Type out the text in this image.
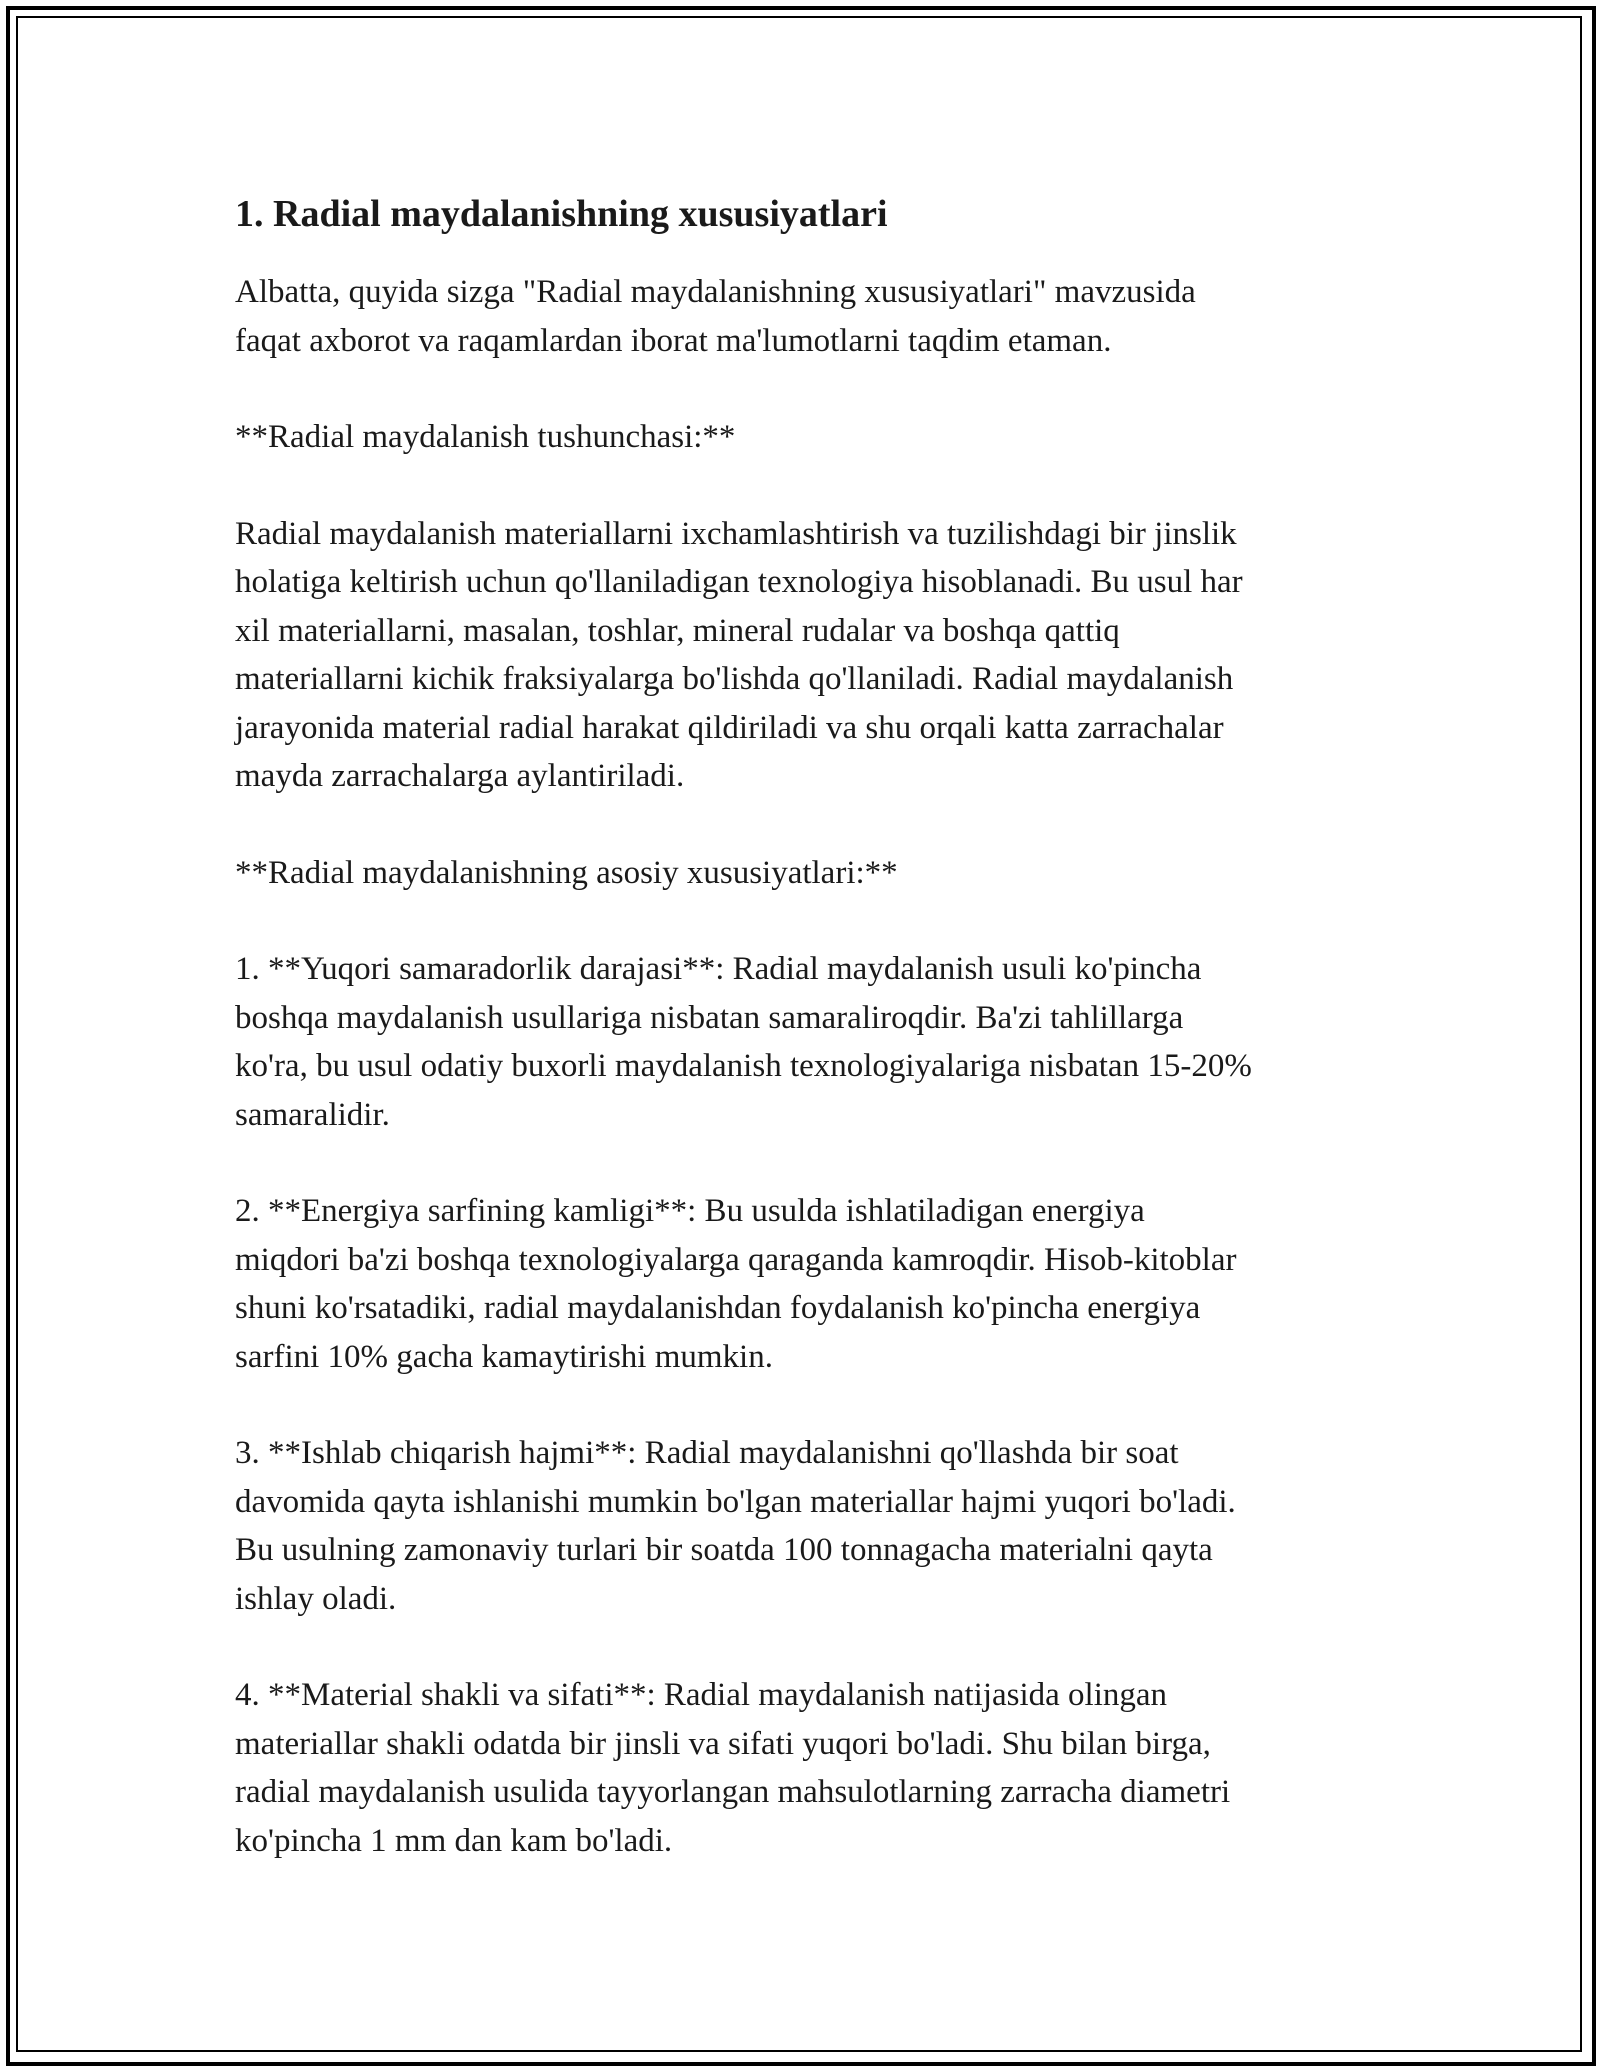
1. Radial maydalanishning xususiyatlari

Albatta, quyida sizga "Radial maydalanishning xususiyatlari" mavzusida
faqat axborot va raqamlardan iborat ma'lumotlarni taqdim etaman.

**Radial maydalanish tushunchasi:**

Radial maydalanish materiallarni ixchamlashtirish va tuzilishdagi bir jinslik
holatiga keltirish uchun qo'llaniladigan texnologiya hisoblanadi. Bu usul har
xil materiallarni, masalan, toshlar, mineral rudalar va boshqa qattiq
materiallarni kichik fraksiyalarga bo'lishda qo'llaniladi. Radial maydalanish
jarayonida material radial harakat qildiriladi va shu orqali katta zarrachalar
mayda zarrachalarga aylantiriladi.

**Radial maydalanishning asosiy xususiyatlari:**

1. **Yuqori samaradorlik darajasi**: Radial maydalanish usuli ko'pincha
boshqa maydalanish usullariga nisbatan samaraliroqdir. Ba'zi tahlillarga
ko'ra, bu usul odatiy buxorli maydalanish texnologiyalariga nisbatan 15-20%
samaralidir.

2. **Energiya sarfining kamligi**: Bu usulda ishlatiladigan energiya
miqdori ba'zi boshqa texnologiyalarga qaraganda kamroqdir. Hisob-kitoblar
shuni ko'rsatadiki, radial maydalanishdan foydalanish ko'pincha energiya
sarfini 10% gacha kamaytirishi mumkin.

3. **Ishlab chiqarish hajmi**: Radial maydalanishni qo'llashda bir soat
davomida qayta ishlanishi mumkin bo'lgan materiallar hajmi yuqori bo'ladi.
Bu usulning zamonaviy turlari bir soatda 100 tonnagacha materialni qayta
ishlay oladi.

4. **Material shakli va sifati**: Radial maydalanish natijasida olingan
materiallar shakli odatda bir jinsli va sifati yuqori bo'ladi. Shu bilan birga,
radial maydalanish usulida tayyorlangan mahsulotlarning zarracha diametri
ko'pincha 1 mm dan kam bo'ladi.
